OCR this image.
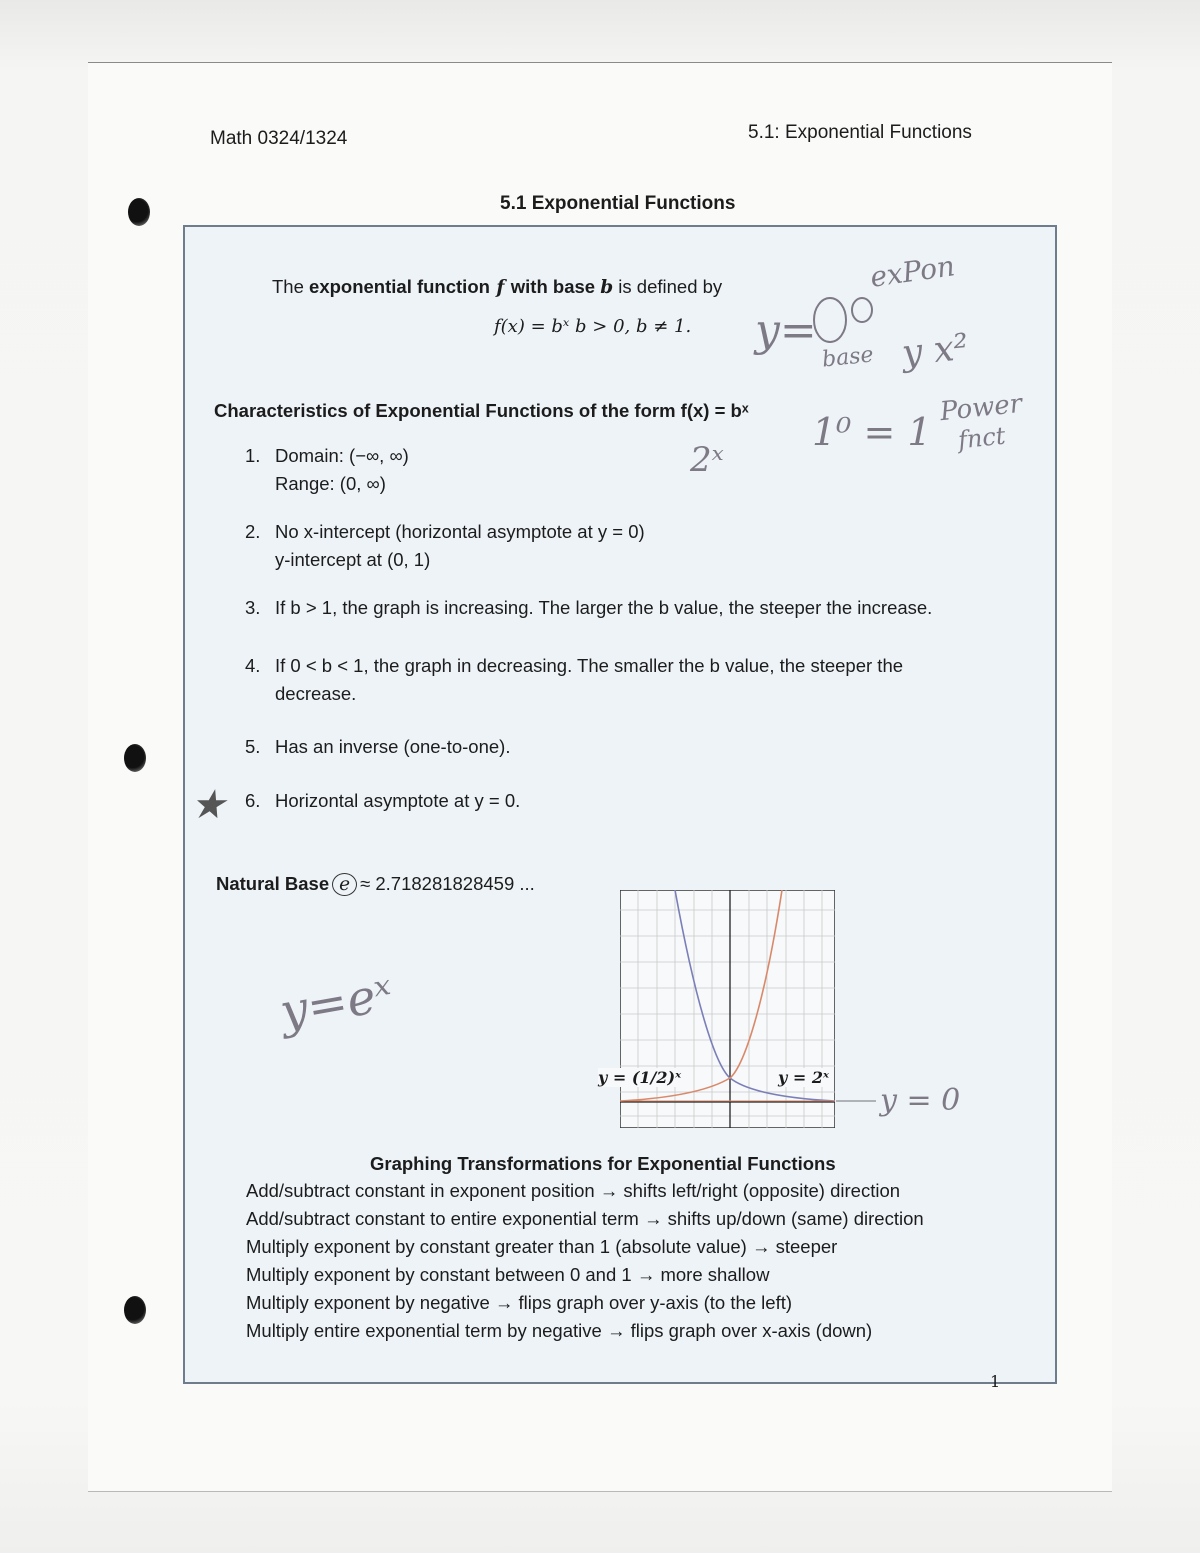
Math 0324/1324	5.1: Exponential Functions
5.1 Exponential Functions
The exponential function f with base b is defined by
f(x) = bˣ b > 0, b ≠ 1.
Characteristics of Exponential Functions of the form f(x) = bˣ
1. Domain: (−∞, ∞)
Range: (0, ∞)
2. No x-intercept (horizontal asymptote at y = 0)
y-intercept at (0, 1)
3. If b > 1, the graph is increasing. The larger the b value, the steeper the increase.
4. If 0 < b < 1, the graph in decreasing. The smaller the b value, the steeper the
decrease.
5. Has an inverse (one-to-one).
6. Horizontal asymptote at y = 0.
Natural Base e ≈ 2.718281828459 ...
y = (1/2)ˣ	y = 2ˣ
Graphing Transformations for Exponential Functions
Add/subtract constant in exponent position → shifts left/right (opposite) direction
Add/subtract constant to entire exponential term → shifts up/down (same) direction
Multiply exponent by constant greater than 1 (absolute value) → steeper
Multiply exponent by constant between 0 and 1 → more shallow
Multiply exponent by negative → flips graph over y-axis (to the left)
Multiply entire exponential term by negative → flips graph over x-axis (down)
y=
exPon
base y x²
2ˣ
1⁰ = 1
Power
fnct
y=eˣ
y = 0
★
1
